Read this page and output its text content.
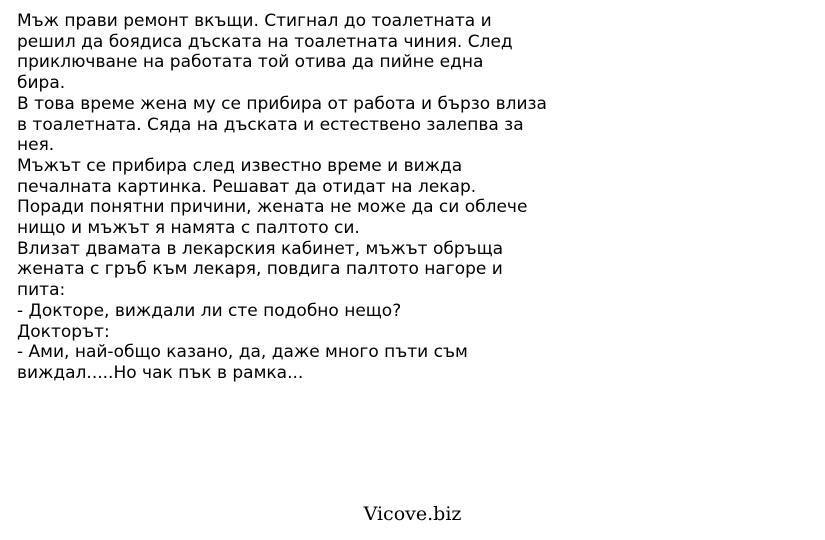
Мъж прави ремонт вкъщи. Стигнал до тоалетната и
решил да боядиса дъската на тоалетната чиния. След
приключване на работата той отива да пийне една
бира.
В това време жена му се прибира от работа и бързо влиза
в тоалетната. Сяда на дъската и естествено залепва за
нея.
Мъжът се прибира след известно време и вижда
печалната картинка. Решават да отидат на лекар.
Поради понятни причини, жената не може да си облече
нищо и мъжът я намята с палтото си.
Влизат двамата в лекарския кабинет, мъжът обръща
жената с гръб към лекаря, повдига палтото нагоре и
пита:
- Докторе, виждали ли сте подобно нещо?
Докторът:
- Ами, най-общо казано, да, даже много пъти съм
виждал.....Но чак пък в рамка...
Vicove.biz
